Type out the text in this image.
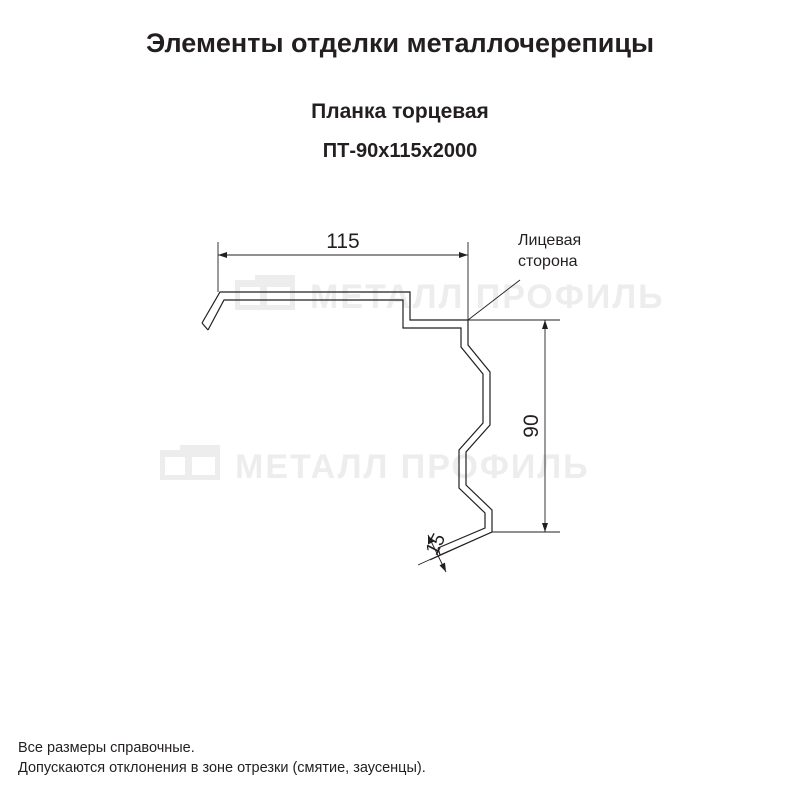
Элементы отделки металлочерепицы
Планка торцевая
ПТ-90х115х2000
МЕТАЛЛ ПРОФИЛЬ
МЕТАЛЛ ПРОФИЛЬ
115
90
15
Лицевая
сторона
Все размеры справочные.
Допускаются отклонения в зоне отрезки (смятие, заусенцы).
